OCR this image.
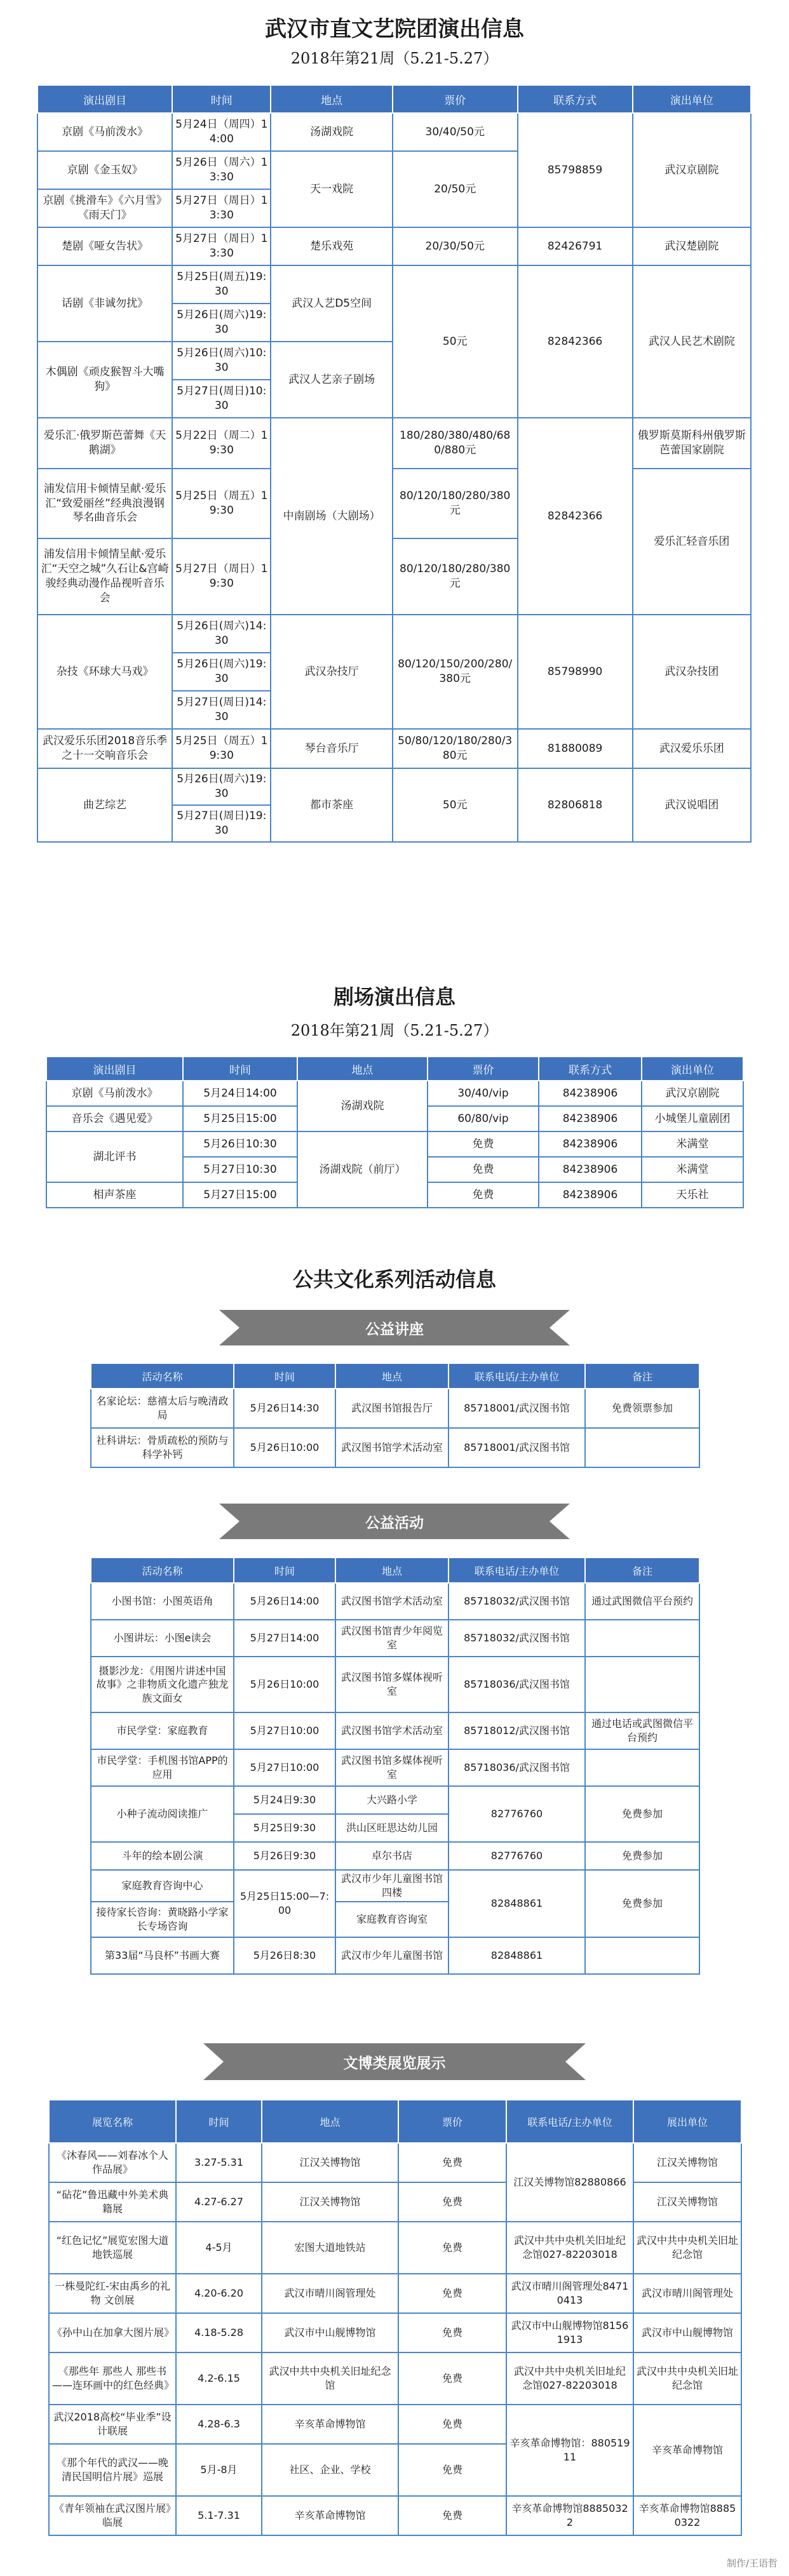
武汉市直文艺院团演出信息
2018年第21周（5.21-5.27）
演出剧目	时间	地点	票价	联系方式	演出单位
京剧《马前泼水》	5月24日（周四）14:00	汤湖戏院	30/40/50元	85798859	武汉京剧院
京剧《金玉奴》	5月26日（周六）13:30	天一戏院	20/50元		
京剧《挑滑车》《六月雪》《雨天门》	5月27日（周日）13:30				
楚剧《哑女告状》	5月27日（周日）13:30	楚乐戏苑	20/30/50元	82426791	武汉楚剧院
话剧《非诚勿扰》	5月25日(周五)19:30	武汉人艺D5空间	50元	82842366	武汉人民艺术剧院
	5月26日(周六)19:30				
木偶剧《顽皮猴智斗大嘴狗》	5月26日(周六)10:30	武汉人艺亲子剧场			
	5月27日(周日)10:30				
爱乐汇·俄罗斯芭蕾舞《天鹅湖》	5月22日（周二）19:30	中南剧场（大剧场）	180/280/380/480/680/880元	82842366	俄罗斯莫斯科州俄罗斯芭蕾国家剧院
浦发信用卡倾情呈献·爱乐汇“致爱丽丝”经典浪漫钢琴名曲音乐会	5月25日（周五）19:30		80/120/180/280/380元		爱乐汇轻音乐团
浦发信用卡倾情呈献·爱乐汇“天空之城”久石让&宫崎骏经典动漫作品视听音乐会	5月27日（周日）19:30		80/120/180/280/380元		
杂技《环球大马戏》	5月26日(周六)14:30	武汉杂技厅	80/120/150/200/280/380元	85798990	武汉杂技团
	5月26日(周六)19:30				
	5月27日(周日)14:30				
武汉爱乐乐团2018音乐季之十一交响音乐会	5月25日（周五）19:30	琴台音乐厅	50/80/120/180/280/380元	81880089	武汉爱乐乐团
曲艺综艺	5月26日(周六)19:30	都市茶座	50元	82806818	武汉说唱团
	5月27日(周日)19:30				
剧场演出信息
2018年第21周（5.21-5.27）
演出剧目	时间	地点	票价	联系方式	演出单位
京剧《马前泼水》	5月24日14:00	汤湖戏院	30/40/vip	84238906	武汉京剧院
音乐会《遇见爱》	5月25日15:00		60/80/vip	84238906	小城堡儿童剧团
湖北评书	5月26日10:30	汤湖戏院（前厅）	免费	84238906	米满堂
	5月27日10:30		免费	84238906	米满堂
相声茶座	5月27日15:00		免费	84238906	天乐社
公共文化系列活动信息
公益讲座
活动名称	时间	地点	联系电话/主办单位	备注
名家论坛：慈禧太后与晚清政局	5月26日14:30	武汉图书馆报告厅	85718001/武汉图书馆	免费领票参加
社科讲坛：骨质疏松的预防与科学补钙	5月26日10:00	武汉图书馆学术活动室	85718001/武汉图书馆	
公益活动
活动名称	时间	地点	联系电话/主办单位	备注
小图书馆：小图英语角	5月26日14:00	武汉图书馆学术活动室	85718032/武汉图书馆	通过武图微信平台预约
小图讲坛：小图e读会	5月27日14:00	武汉图书馆青少年阅览室	85718032/武汉图书馆	
摄影沙龙：《用图片讲述中国故事》之非物质文化遗产独龙族文面女	5月26日10:00	武汉图书馆多媒体视听室	85718036/武汉图书馆	
市民学堂：家庭教育	5月27日10:00	武汉图书馆学术活动室	85718012/武汉图书馆	通过电话或武图微信平台预约
市民学堂：手机图书馆APP的应用	5月27日10:00	武汉图书馆多媒体视听室	85718036/武汉图书馆	
小种子流动阅读推广	5月24日9:30	大兴路小学	82776760	免费参加
	5月25日9:30	洪山区旺思达幼儿园		
斗年的绘本剧公演	5月26日9:30	卓尔书店	82776760	免费参加
家庭教育咨询中心	5月25日15:00—7:00	武汉市少年儿童图书馆四楼	82848861	免费参加
接待家长咨询：黄晓路小学家长专场咨询		家庭教育咨询室		
第33届“马良杯”书画大赛	5月26日8:30	武汉市少年儿童图书馆	82848861	
文博类展览展示
展览名称	时间	地点	票价	联系电话/主办单位	展出单位
《沐春风——刘春冰个人作品展》	3.27-5.31	江汉关博物馆	免费	江汉关博物馆82880866	江汉关博物馆
“砧花”鲁迅藏中外美术典籍展	4.27-6.27	江汉关博物馆	免费		江汉关博物馆
“红色记忆”展览宏图大道地铁巡展	4-5月	宏图大道地铁站	免费	武汉中共中央机关旧址纪念馆027-82203018	武汉中共中央机关旧址纪念馆
一株曼陀红-宋由禹乡的礼物 文创展	4.20-6.20	武汉市晴川阁管理处	免费	武汉市晴川阁管理处84710413	武汉市晴川阁管理处
《孙中山在加拿大图片展》	4.18-5.28	武汉市中山舰博物馆	免费	武汉市中山舰博物馆81561913	武汉市中山舰博物馆
《那些年 那些人 那些书——连环画中的红色经典》	4.2-6.15	武汉中共中央机关旧址纪念馆	免费	武汉中共中央机关旧址纪念馆027-82203018	武汉中共中央机关旧址纪念馆
武汉2018高校“毕业季”设计联展	4.28-6.3	辛亥革命博物馆	免费	辛亥革命博物馆：88051911	辛亥革命博物馆
《那个年代的武汉——晚清民国明信片展》巡展	5月-8月	社区、企业、学校	免费		
《青年领袖在武汉图片展》临展	5.1-7.31	辛亥革命博物馆	免费	辛亥革命博物馆88850322	辛亥革命博物馆88850322
制作/王语哲
